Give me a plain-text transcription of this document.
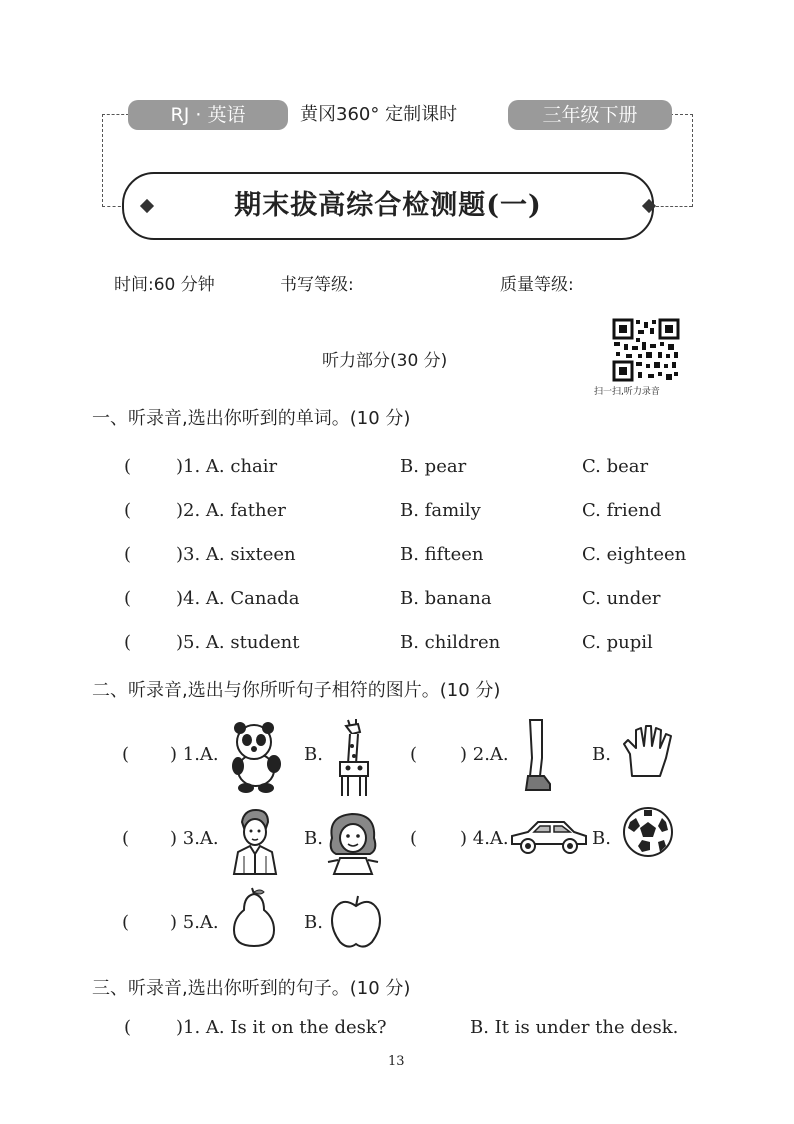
RJ · 英语	黄冈360° 定制课时	三年级下册
期末拔高综合检测题(一)
时间:60 分钟	书写等级:	质量等级:
听力部分(30 分)
扫一扫,听力录音
一、听录音,选出你听到的单词。(10 分)
( )1. A. chair	B. pear	C. bear
( )2. A. father	B. family	C. friend
( )3. A. sixteen	B. fifteen	C. eighteen
( )4. A. Canada	B. banana	C. under
( )5. A. student	B. children	C. pupil
二、听录音,选出与你所听句子相符的图片。(10 分)
( ) 1.A.	B.	( ) 2.A.	B.
( ) 3.A.	B.	( ) 4.A.	B.
( ) 5.A.	B.
三、听录音,选出你听到的句子。(10 分)
( )1. A. Is it on the desk?	B. It is under the desk.
13
